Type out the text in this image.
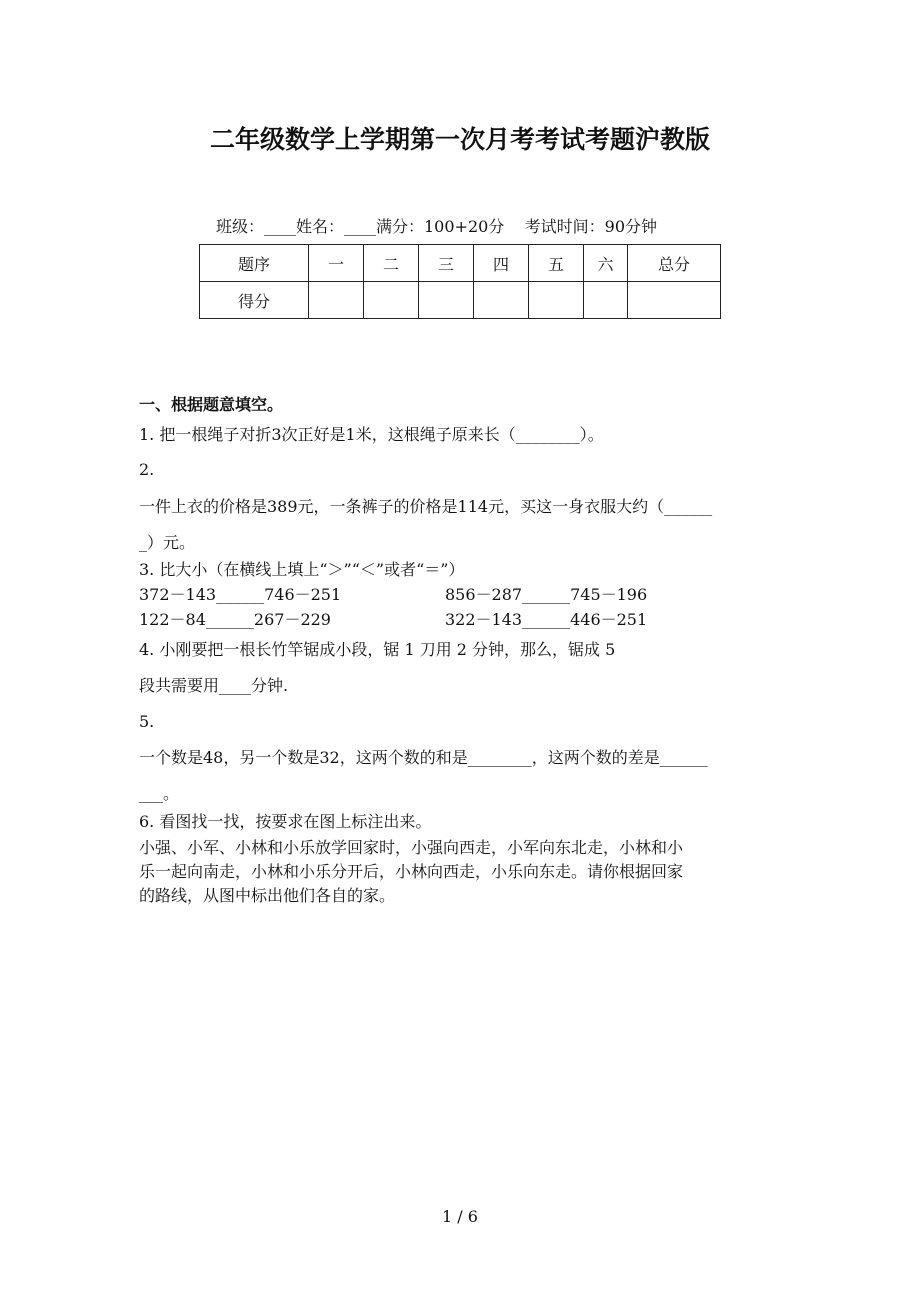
二年级数学上学期第一次月考考试考题沪教版
班级：____姓名：____满分：100+20分    考试时间：90分钟
题序	一	二	三	四	五	六	总分
得分							
一、根据题意填空。
1. 把一根绳子对折3次正好是1米，这根绳子原来长（________）。
2.
一件上衣的价格是389元，一条裤子的价格是114元，买这一身衣服大约（______
_）元。
3. 比大小（在横线上填上“＞”“＜”或者“＝”）
372－143______746－251	856－287______745－196
122－84______267－229	322－143______446－251
4. 小刚要把一根长竹竿锯成小段，锯 1 刀用 2 分钟，那么，锯成 5
段共需要用____分钟.
5.
一个数是48，另一个数是32，这两个数的和是________，这两个数的差是______
___。
6. 看图找一找，按要求在图上标注出来。
小强、小军、小林和小乐放学回家时，小强向西走，小军向东北走，小林和小
乐一起向南走，小林和小乐分开后，小林向西走，小乐向东走。请你根据回家
的路线，从图中标出他们各自的家。
1 / 6
